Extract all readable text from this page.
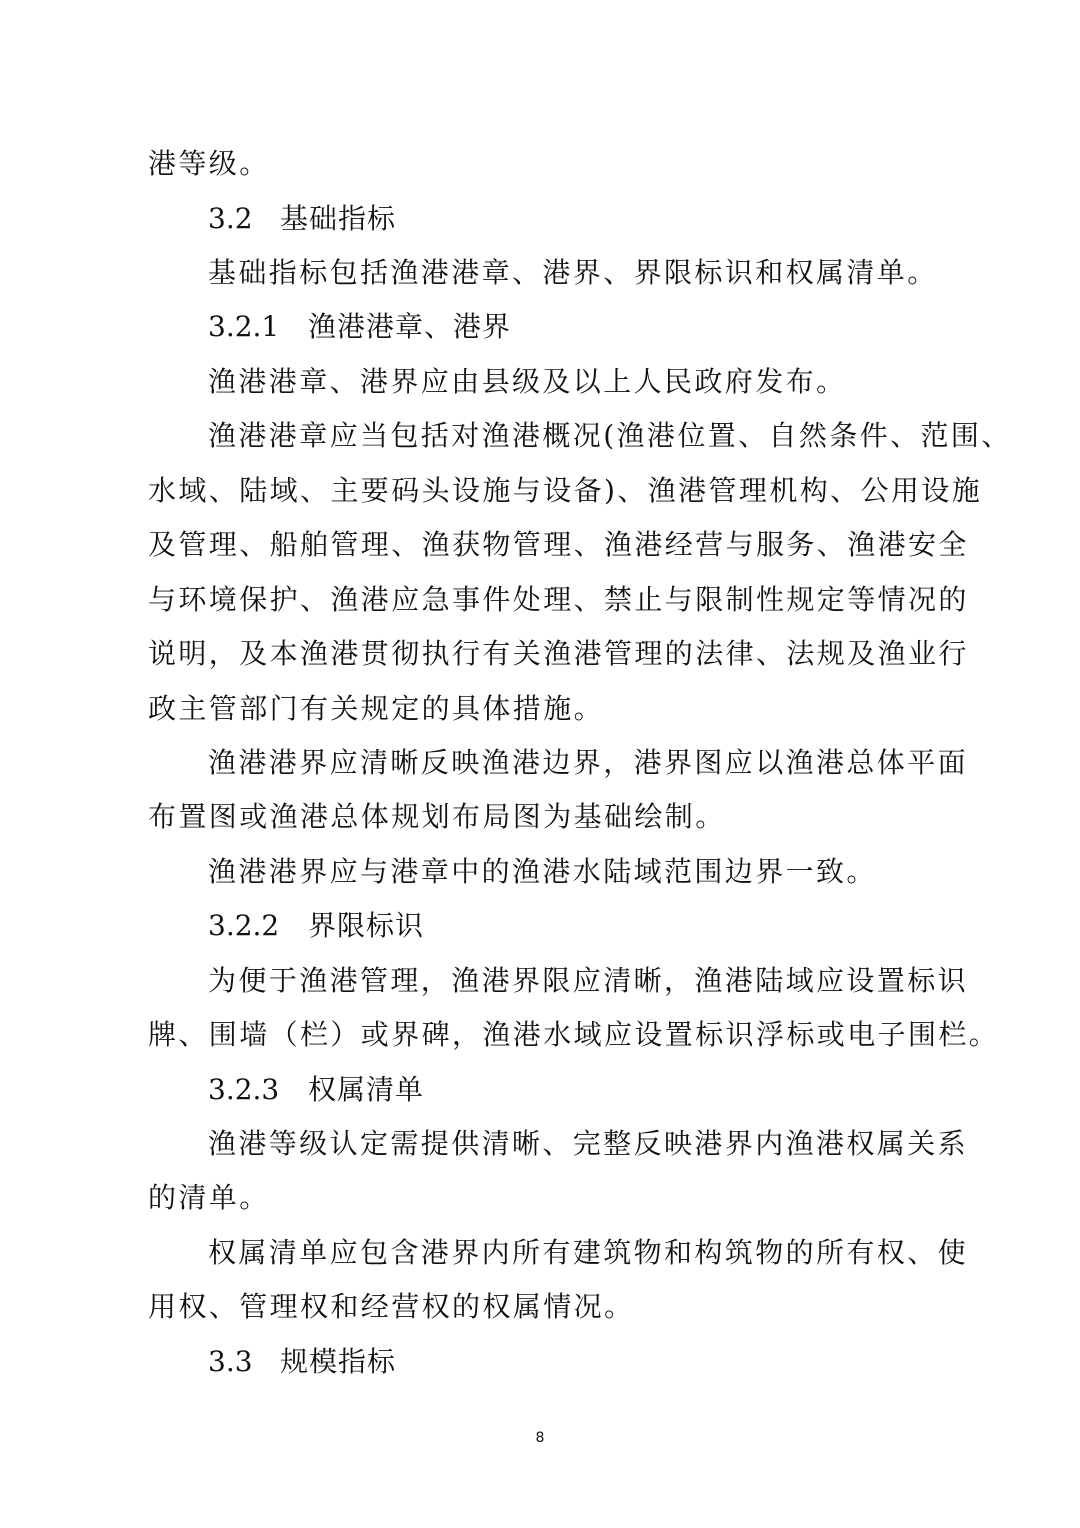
港等级。
3.2 基础指标
基础指标包括渔港港章、港界、界限标识和权属清单。
3.2.1 渔港港章、港界
渔港港章、港界应由县级及以上人民政府发布。
渔港港章应当包括对渔港概况(渔港位置、自然条件、范围、
水域、陆域、主要码头设施与设备)、渔港管理机构、公用设施
及管理、船舶管理、渔获物管理、渔港经营与服务、渔港安全
与环境保护、渔港应急事件处理、禁止与限制性规定等情况的
说明，及本渔港贯彻执行有关渔港管理的法律、法规及渔业行
政主管部门有关规定的具体措施。
渔港港界应清晰反映渔港边界，港界图应以渔港总体平面
布置图或渔港总体规划布局图为基础绘制。
渔港港界应与港章中的渔港水陆域范围边界一致。
3.2.2 界限标识
为便于渔港管理，渔港界限应清晰，渔港陆域应设置标识
牌、围墙（栏）或界碑，渔港水域应设置标识浮标或电子围栏。
3.2.3 权属清单
渔港等级认定需提供清晰、完整反映港界内渔港权属关系
的清单。
权属清单应包含港界内所有建筑物和构筑物的所有权、使
用权、管理权和经营权的权属情况。
3.3 规模指标
8
